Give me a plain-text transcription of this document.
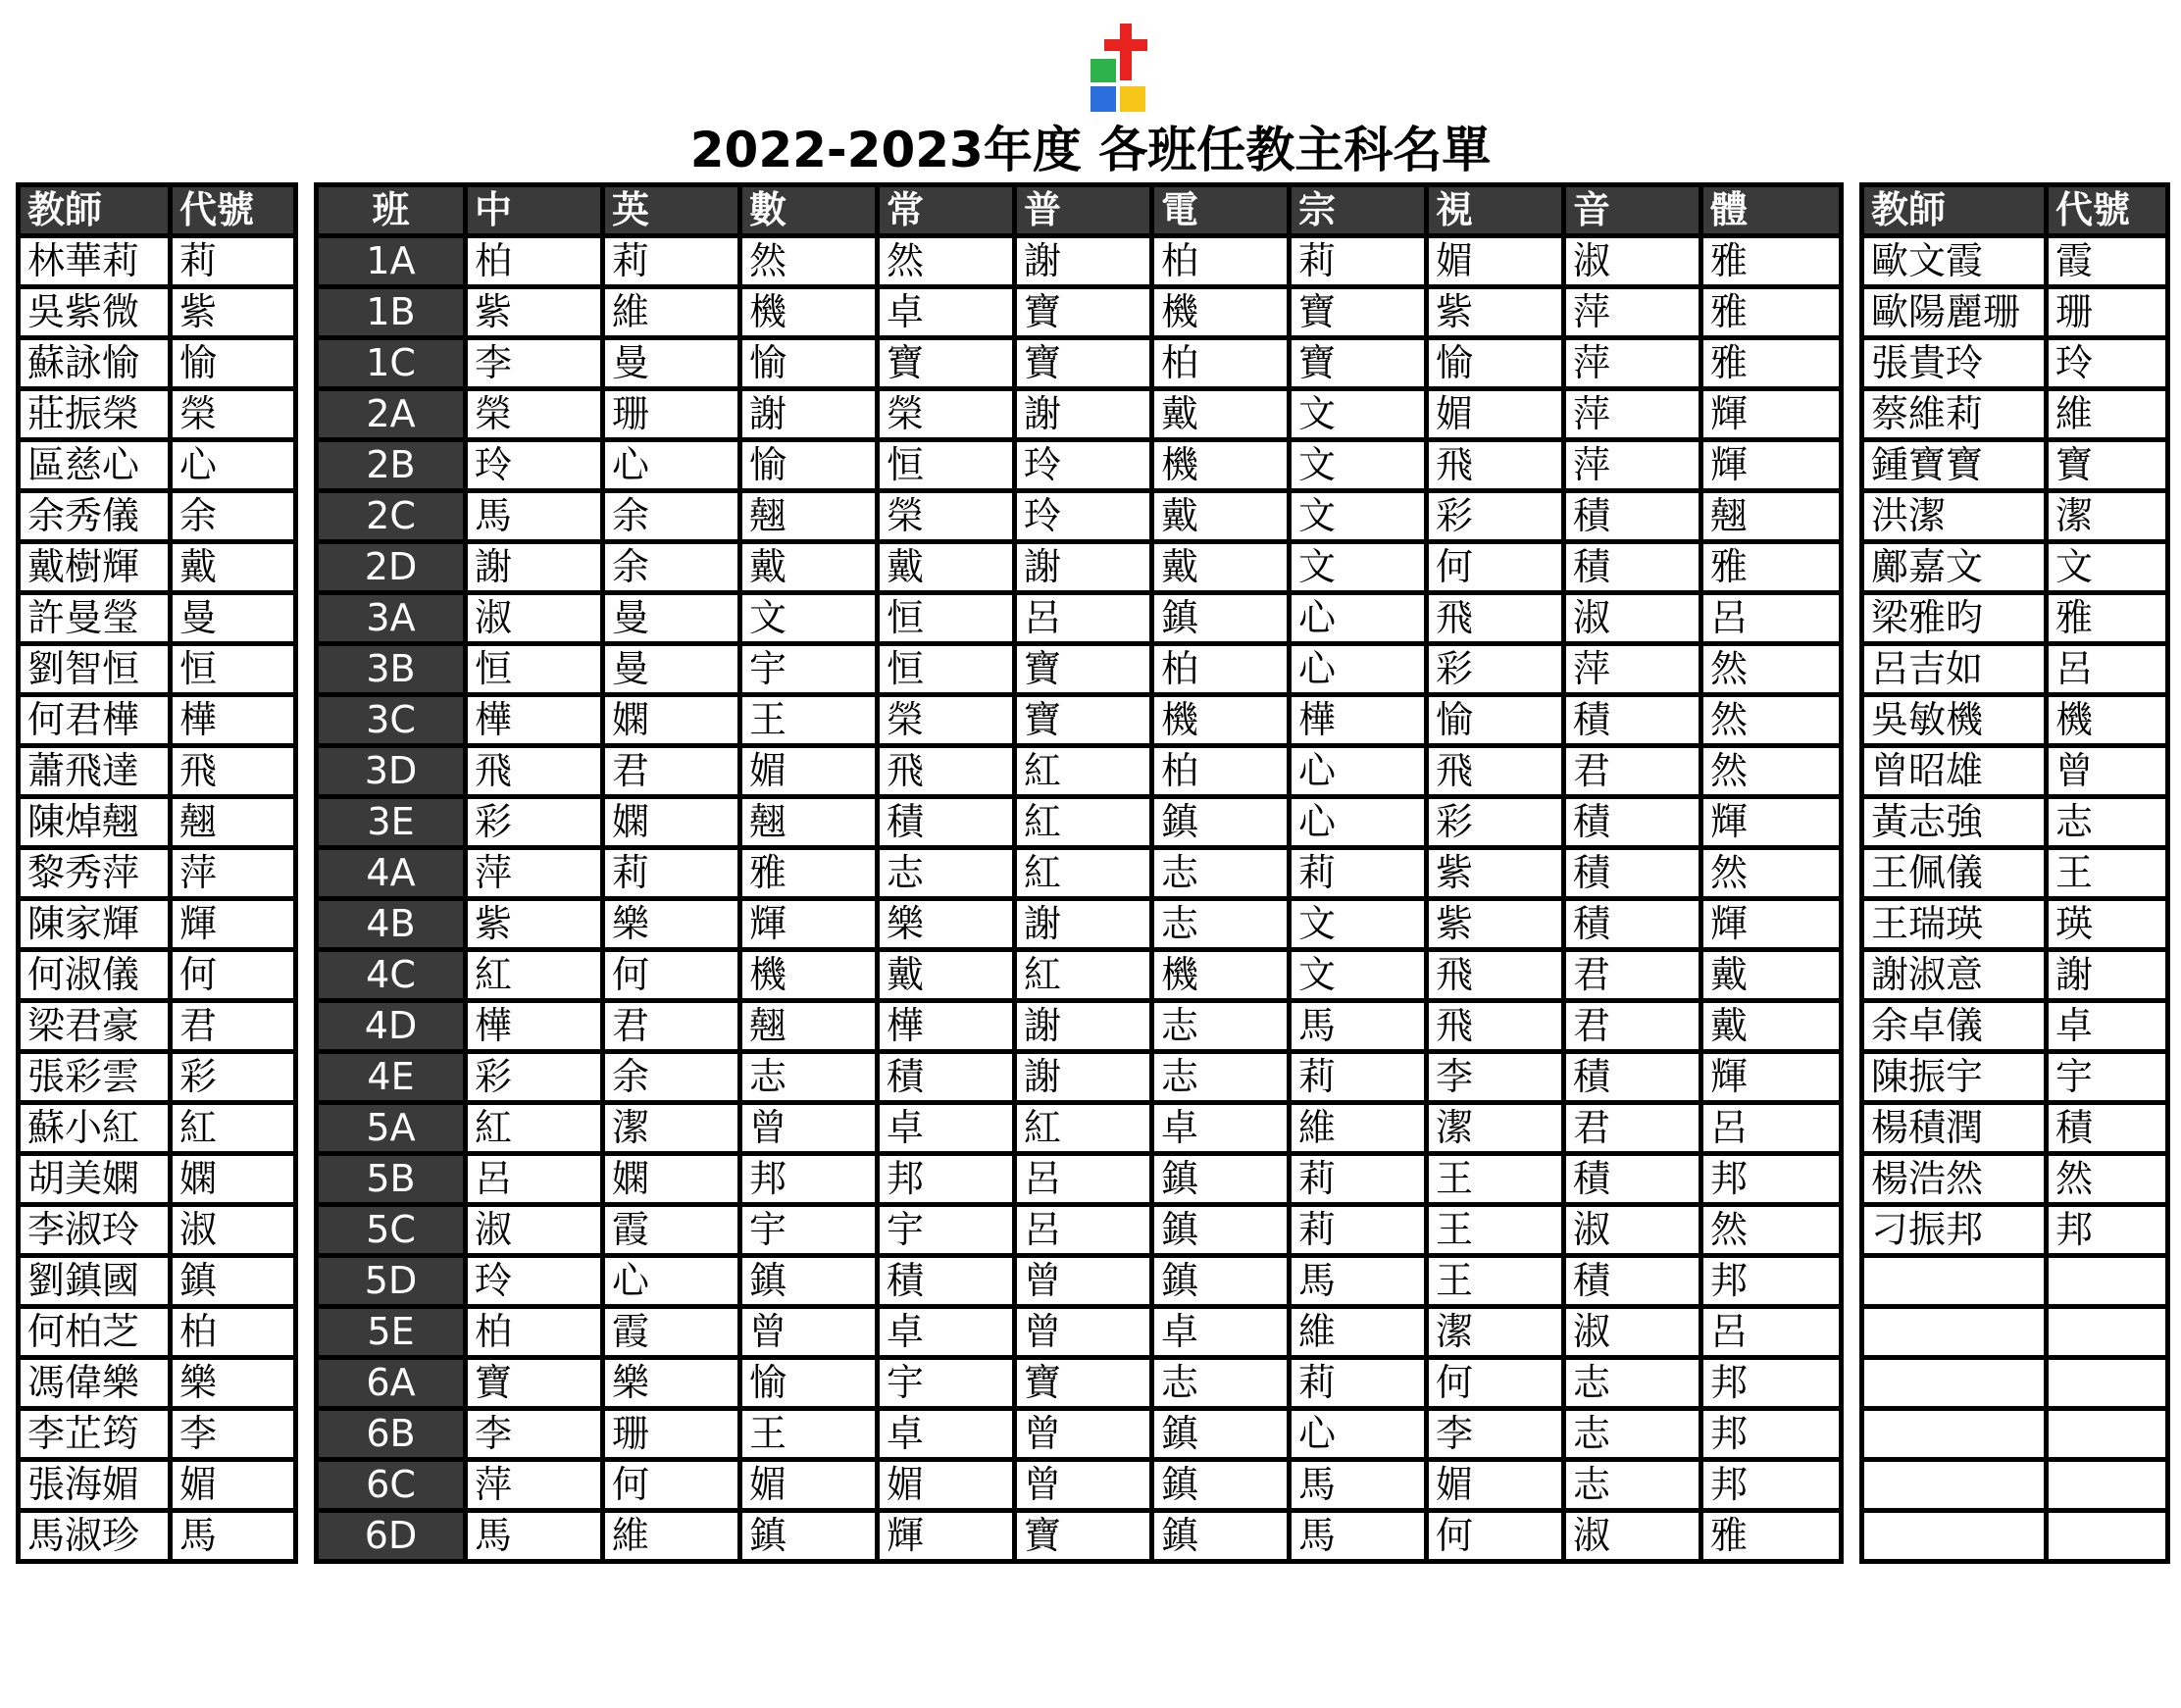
2022-2023年度 各班任教主科名單
教師	代號
林華莉	莉
吳紫微	紫
蘇詠愉	愉
莊振榮	榮
區慈心	心
余秀儀	余
戴樹輝	戴
許曼瑩	曼
劉智恒	恒
何君樺	樺
蕭飛達	飛
陳焯翹	翹
黎秀萍	萍
陳家輝	輝
何淑儀	何
梁君豪	君
張彩雲	彩
蘇小紅	紅
胡美嫻	嫻
李淑玲	淑
劉鎮國	鎮
何柏芝	柏
馮偉樂	樂
李芷筠	李
張海媚	媚
馬淑珍	馬
班	中	英	數	常	普	電	宗	視	音	體
1A	柏	莉	然	然	謝	柏	莉	媚	淑	雅
1B	紫	維	機	卓	寶	機	寶	紫	萍	雅
1C	李	曼	愉	寶	寶	柏	寶	愉	萍	雅
2A	榮	珊	謝	榮	謝	戴	文	媚	萍	輝
2B	玲	心	愉	恒	玲	機	文	飛	萍	輝
2C	馬	余	翹	榮	玲	戴	文	彩	積	翹
2D	謝	余	戴	戴	謝	戴	文	何	積	雅
3A	淑	曼	文	恒	呂	鎮	心	飛	淑	呂
3B	恒	曼	宇	恒	寶	柏	心	彩	萍	然
3C	樺	嫻	王	榮	寶	機	樺	愉	積	然
3D	飛	君	媚	飛	紅	柏	心	飛	君	然
3E	彩	嫻	翹	積	紅	鎮	心	彩	積	輝
4A	萍	莉	雅	志	紅	志	莉	紫	積	然
4B	紫	樂	輝	樂	謝	志	文	紫	積	輝
4C	紅	何	機	戴	紅	機	文	飛	君	戴
4D	樺	君	翹	樺	謝	志	馬	飛	君	戴
4E	彩	余	志	積	謝	志	莉	李	積	輝
5A	紅	潔	曾	卓	紅	卓	維	潔	君	呂
5B	呂	嫻	邦	邦	呂	鎮	莉	王	積	邦
5C	淑	霞	宇	宇	呂	鎮	莉	王	淑	然
5D	玲	心	鎮	積	曾	鎮	馬	王	積	邦
5E	柏	霞	曾	卓	曾	卓	維	潔	淑	呂
6A	寶	樂	愉	宇	寶	志	莉	何	志	邦
6B	李	珊	王	卓	曾	鎮	心	李	志	邦
6C	萍	何	媚	媚	曾	鎮	馬	媚	志	邦
6D	馬	維	鎮	輝	寶	鎮	馬	何	淑	雅
教師	代號
歐文霞	霞
歐陽麗珊	珊
張貴玲	玲
蔡維莉	維
鍾寶寶	寶
洪潔	潔
鄺嘉文	文
梁雅昀	雅
呂吉如	呂
吳敏機	機
曾昭雄	曾
黃志強	志
王佩儀	王
王瑞瑛	瑛
謝淑意	謝
余卓儀	卓
陳振宇	宇
楊積潤	積
楊浩然	然
刁振邦	邦
